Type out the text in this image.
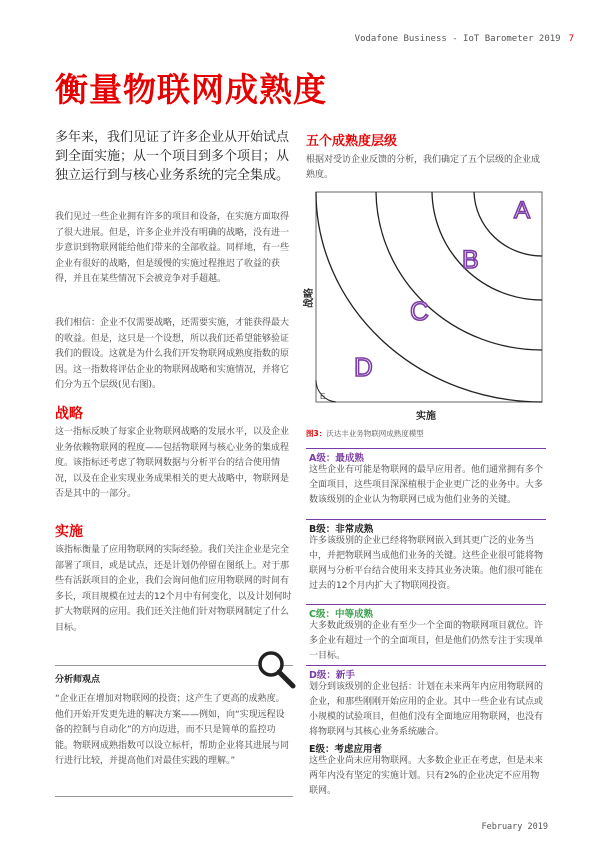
Vodafone Business - IoT Barometer 2019 7
衡量物联网成熟度
多年来，我们见证了许多企业从开始试点到全面实施；从一个项目到多个项目；从独立运行到与核心业务系统的完全集成。

我们见过一些企业拥有许多的项目和设备，在实施方面取得了很大进展。但是，许多企业并没有明确的战略，没有进一步意识到物联网能给他们带来的全部收益。同样地，有一些企业有很好的战略，但是缓慢的实施过程推迟了收益的获得，并且在某些情况下会被竞争对手超越。

我们相信：企业不仅需要战略，还需要实施，才能获得最大的收益。但是，这只是一个设想，所以我们还希望能够验证我们的假设。这就是为什么我们开发物联网成熟度指数的原因。这一指数将评估企业的物联网战略和实施情况，并将它们分为五个层级(见右图)。

战略

这一指标反映了每家企业物联网战略的发展水平，以及企业业务依赖物联网的程度——包括物联网与核心业务的集成程度。该指标还考虑了物联网数据与分析平台的结合使用情况，以及在企业实现业务成果相关的更大战略中，物联网是否是其中的一部分。

实施

该指标衡量了应用物联网的实际经验。我们关注企业是完全部署了项目，或是试点，还是计划仍停留在图纸上。对于那些有活跃项目的企业，我们会询问他们应用物联网的时间有多长，项目规模在过去的12个月中有何变化，以及计划何时扩大物联网的应用。我们还关注他们针对物联网制定了什么目标。

分析师观点
“企业正在增加对物联网的投资；这产生了更高的成熟度。他们开始开发更先进的解决方案——例如，向“实现远程设备的控制与自动化”的方向迈进，而不只是简单的监控功能。物联网成熟指数可以设立标杆，帮助企业将其进展与同行进行比较，并提高他们对最佳实践的理解。”
五个成熟度层级
根据对受访企业反馈的分析，我们确定了五个层级的企业成熟度。
A
B
C
D
E
实施
战略
图3：沃达丰业务物联网成熟度模型
A级：最成熟
这些企业有可能是物联网的最早应用者。他们通常拥有多个全面项目，这些项目深深植根于企业更广泛的业务中。大多数该级别的企业认为物联网已成为他们业务的关键。
B级：非常成熟
许多该级别的企业已经将物联网嵌入到其更广泛的业务当中，并把物联网当成他们业务的关键。这些企业很可能将物联网与分析平台结合使用来支持其业务决策。他们很可能在过去的12个月内扩大了物联网投资。
C级：中等成熟
大多数此级别的企业有至少一个全面的物联网项目就位。许多企业有超过一个的全面项目，但是他们仍然专注于实现单一目标。
D级：新手
划分到该级别的企业包括：计划在未来两年内应用物联网的企业，和那些刚刚开始应用的企业。其中一些企业有试点或小规模的试验项目，但他们没有全面地应用物联网，也没有将物联网与其核心业务系统融合。
E级：考虑应用者
这些企业尚未应用物联网。大多数企业正在考虑，但是未来两年内没有坚定的实施计划。只有2%的企业决定不应用物联网。
February 2019
